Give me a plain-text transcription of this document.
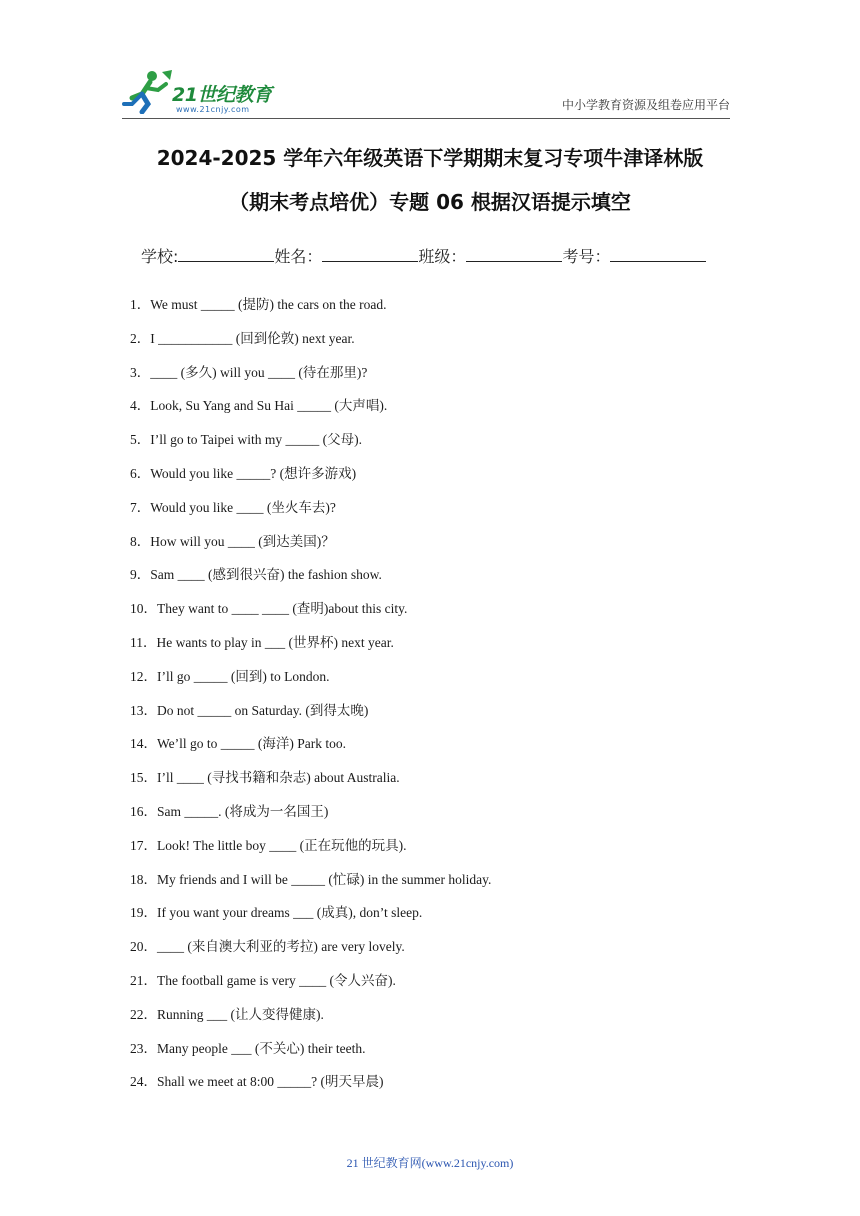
21世纪教育
www.21cnjy.com	中小学教育资源及组卷应用平台
2024-2025 学年六年级英语下学期期末复习专项牛津译林版
（期末考点培优）专题 06 根据汉语提示填空
学校:	姓名：	班级：	考号：
1．We must _____ (提防) the cars on the road.
2．I ___________ (回到伦敦) next year.
3．____ (多久) will you ____ (待在那里)?
4．Look, Su Yang and Su Hai _____ (大声唱).
5．I’ll go to Taipei with my _____ (父母).
6．Would you like _____? (想许多游戏)
7．Would you like ____ (坐火车去)?
8．How will you ____ (到达美国)？
9．Sam ____ (感到很兴奋) the fashion show.
10．They want to ____ ____ (查明)about this city.
11．He wants to play in ___ (世界杯) next year.
12．I’ll go _____ (回到) to London.
13．Do not _____ on Saturday. (到得太晚)
14．We’ll go to _____ (海洋) Park too.
15．I’ll ____ (寻找书籍和杂志) about Australia.
16．Sam _____. (将成为一名国王)
17．Look! The little boy ____ (正在玩他的玩具).
18．My friends and I will be _____ (忙碌) in the summer holiday.
19．If you want your dreams ___ (成真), don’t sleep.
20．____ (来自澳大利亚的考拉) are very lovely.
21．The football game is very ____ (令人兴奋).
22．Running ___ (让人变得健康).
23．Many people ___ (不关心) their teeth.
24．Shall we meet at 8:00 _____? (明天早晨)
21 世纪教育网(www.21cnjy.com)
